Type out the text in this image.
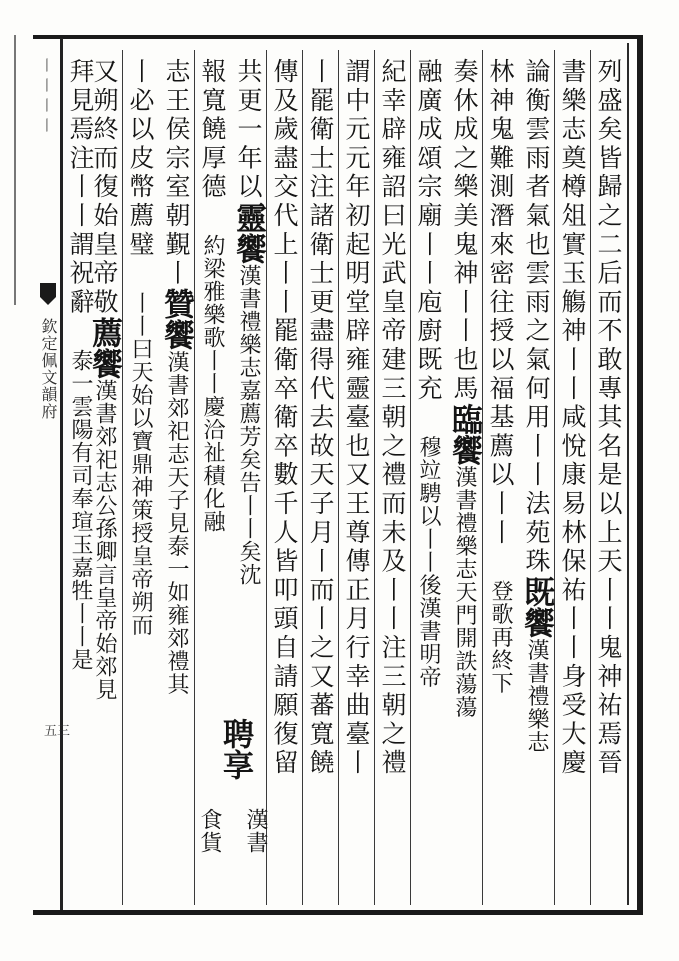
丨丨丨丨
欽定佩文韻府
五三	列盛矣皆歸之二后而不敢專其名是以上天丨丨鬼神祐焉晉
書樂志奠樽俎實玉觴神丨丨咸悅康易林保祐丨丨身受大慶
論衡雲雨者氣也雲雨之氣何用丨丨法苑珠既饗漢書禮樂志
林神鬼難測潛來密往授以福基薦以丨丨登歌再終下
奏休成之樂美鬼神丨丨也馬臨饗漢書禮樂志天門開詄蕩蕩
融廣成頌宗廟丨丨庖廚既充穆竝騁以丨丨後漢書明帝
紀幸辟雍詔曰光武皇帝建三朝之禮而未及丨丨注三朝之禮
謂中元元年初起明堂辟雍靈臺也又王尊傳正月行幸曲臺丨
丨罷衛士注諸衛士更盡得代去故天子月丨而丨之又蕃寬饒
傳及歲盡交代上丨丨罷衛卒衛卒數千人皆叩頭自請願復留
共更一年以靈饗漢書禮樂志嘉薦芳矣告丨丨矣沈
報寬饒厚德約梁雅樂歌丨丨慶洽祉積化融
聘享
漢書
食貨
志王侯宗室朝覲丨贊饗漢書郊祀志天子見泰一如雍郊禮其
丨必以皮幣薦璧丨丨曰天始以寶鼎神策授皇帝朔而
又朔終而復始皇帝敬薦饗漢書郊祀志公孫卿言皇帝始郊見
拜見焉注丨丨謂祝辭泰一雲陽有司奉瑄玉嘉牲丨丨是
